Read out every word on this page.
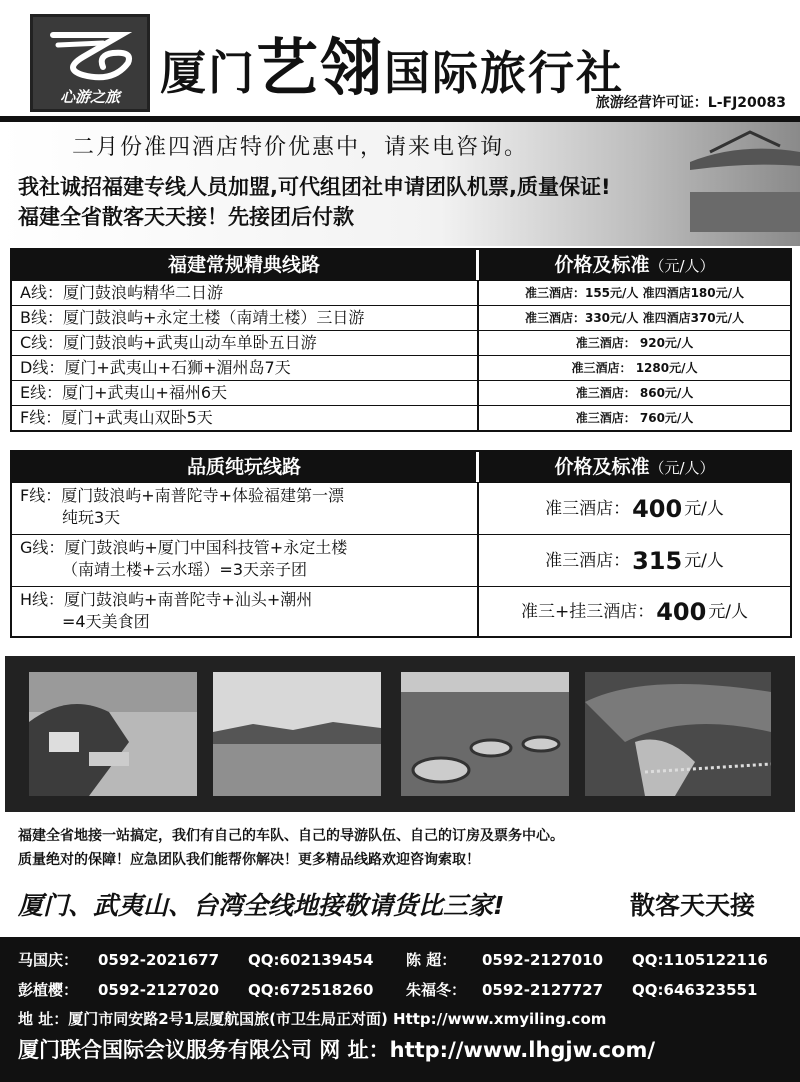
心游之旅 厦门艺翎国际旅行社
旅游经营许可证：L-FJ20083
二月份准四酒店特价优惠中，请来电咨询。
我社诚招福建专线人员加盟,可代组团社申请团队机票,质量保证!
福建全省散客天天接！先接团后付款
福建常规精典线路	价格及标准（元/人）
A线：厦门鼓浪屿精华二日游	准三酒店：155元/人 准四酒店180元/人
B线：厦门鼓浪屿+永定土楼（南靖土楼）三日游	准三酒店：330元/人 准四酒店370元/人
C线：厦门鼓浪屿+武夷山动车单卧五日游	准三酒店： 920元/人
D线：厦门+武夷山+石狮+湄州岛7天	准三酒店： 1280元/人
E线：厦门+武夷山+福州6天	准三酒店： 860元/人
F线：厦门+武夷山双卧5天	准三酒店： 760元/人
品质纯玩线路	价格及标准（元/人）
F线：厦门鼓浪屿+南普陀寺+体验福建第一漂
纯玩3天	准三酒店： 400 元/人
G线：厦门鼓浪屿+厦门中国科技管+永定土楼
（南靖土楼+云水瑶）=3天亲子团	准三酒店： 315 元/人
H线：厦门鼓浪屿+南普陀寺+汕头+潮州
=4天美食团	准三+挂三酒店： 400 元/人
福建全省地接一站搞定，我们有自己的车队、自己的导游队伍、自己的订房及票务中心。
质量绝对的保障！应急团队我们能帮你解决！更多精品线路欢迎咨询索取！
厦门、武夷山、台湾全线地接敬请货比三家!	散客天天接
马国庆：	0592-2021677	QQ:602139454	陈 超：	0592-2127010	QQ:1105122116
彭植樱：	0592-2127020	QQ:672518260	朱福冬：	0592-2127727	QQ:646323551
地 址：厦门市同安路2号1层厦航国旅(市卫生局正对面) Http://www.xmyiling.com
厦门联合国际会议服务有限公司 网 址：http://www.lhgjw.com/
